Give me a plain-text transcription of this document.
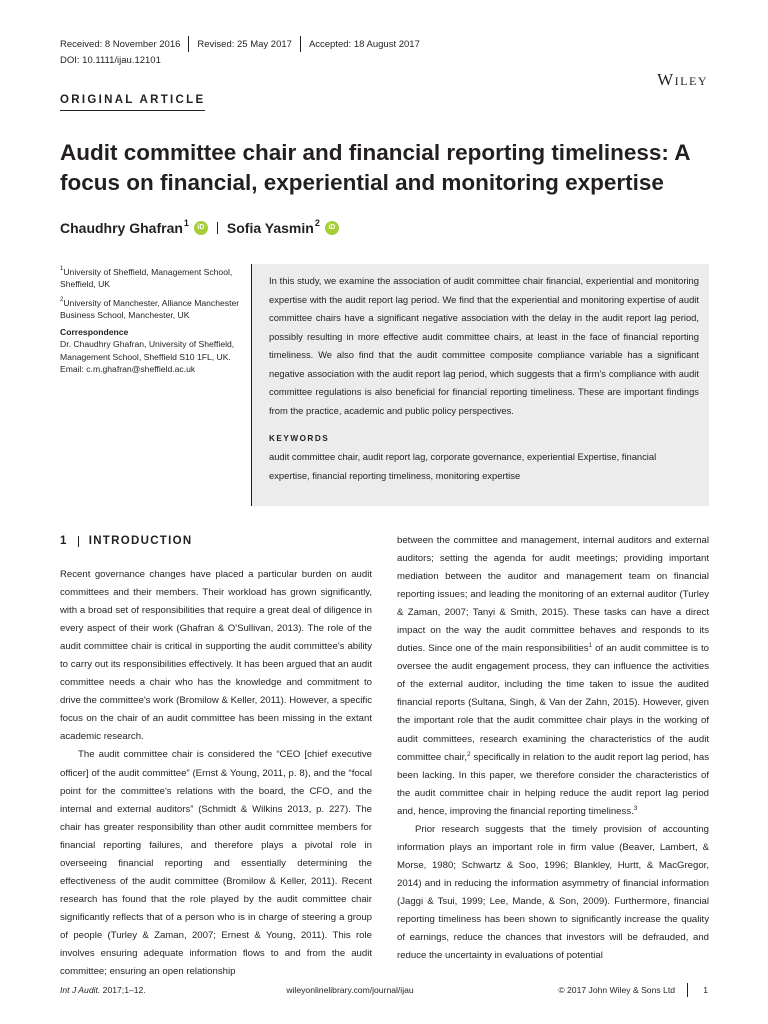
Received: 8 November 2016 Revised: 25 May 2017 Accepted: 18 August 2017
DOI: 10.1111/ijau.12101
Wiley
ORIGINAL ARTICLE
Audit committee chair and financial reporting timeliness: A focus on financial, experiential and monitoring expertise
Chaudhry Ghafran$^1$	iD Sofia Yasmin$^2$	iD

$^1$University of Sheffield, Management School, Sheffield, UK

$^2$University of Manchester, Alliance Manchester Business School, Manchester, UK

Correspondence
Dr. Chaudhry Ghafran, University of Sheffield, Management School, Sheffield S10 1FL, UK.
Email: c.m.ghafran@sheffield.ac.uk

In this study, we examine the association of audit committee chair financial, experiential and monitoring expertise with the audit report lag period. We find that the experiential and monitoring expertise of audit committee chairs have a significant negative association with the delay in the audit report lag period, possibly resulting in more effective audit committee chairs, at least in the face of financial reporting timeliness. We also find that the audit committee composite compliance variable has a significant negative association with the audit report lag period, which suggests that a firm's compliance with audit committee regulations is also beneficial for financial reporting timeliness. These are important findings from the practice, academic and public policy perspectives.

KEYWORDS

audit committee chair, audit report lag, corporate governance, experiential Expertise, financial expertise, financial reporting timeliness, monitoring expertise

1 INTRODUCTION

Recent governance changes have placed a particular burden on audit committees and their members. Their workload has grown significantly, with a broad set of responsibilities that require a great deal of diligence in every aspect of their work (Ghafran & O'Sullivan, 2013). The role of the audit committee chair is critical in supporting the audit committee's ability to carry out its responsibilities effectively. It has been argued that an audit committee needs a chair who has the knowledge and commitment to drive the committee's work (Bromilow & Keller, 2011). However, a specific focus on the chair of an audit committee has been missing in the extant academic research.

The audit committee chair is considered the “CEO [chief executive officer] of the audit committee” (Ernst & Young, 2011, p. 8), and the “focal point for the committee's relations with the board, the CFO, and the internal and external auditors” (Schmidt & Wilkins 2013, p. 227). The chair has greater responsibility than other audit committee members for financial reporting failures, and therefore plays a pivotal role in overseeing financial reporting and essentially determining the effectiveness of the audit committee (Bromilow & Keller, 2011). Recent research has found that the role played by the audit committee chair significantly reflects that of a person who is in charge of steering a group of people (Turley & Zaman, 2007; Ernest & Young, 2011). This role involves ensuring adequate information flows to and from the audit committee; ensuring an open relationship

between the committee and management, internal auditors and external auditors; setting the agenda for audit meetings; providing important mediation between the auditor and management team on financial reporting issues; and leading the monitoring of an external auditor (Turley & Zaman, 2007; Tanyi & Smith, 2015). These tasks can have a direct impact on the way the audit committee behaves and responds to its duties. Since one of the main responsibilities$^1$ of an audit committee is to oversee the audit engagement process, they can influence the activities of the external auditor, including the time taken to issue the audited financial reports (Sultana, Singh, & Van der Zahn, 2015). However, given the important role that the audit committee chair plays in the working of audit committees, research examining the characteristics of the audit committee chair,$^2$ specifically in relation to the audit report lag period, has been lacking. In this paper, we therefore consider the characteristics of the audit committee chair in helping reduce the audit report lag period and, hence, improving the financial reporting timeliness.$^3$

Prior research suggests that the timely provision of accounting information plays an important role in firm value (Beaver, Lambert, & Morse, 1980; Schwartz & Soo, 1996; Blankley, Hurtt, & MacGregor, 2014) and in reducing the information asymmetry of financial information (Jaggi & Tsui, 1999; Lee, Mande, & Son, 2009). Furthermore, financial reporting timeliness has been shown to significantly increase the quality of earnings, reduce the chances that investors will be defrauded, and reduce the uncertainty in evaluations of potential

Int J Audit. 2017;1–12.	wileyonlinelibrary.com/journal/ijau	© 2017 John Wiley & Sons Ltd	1
